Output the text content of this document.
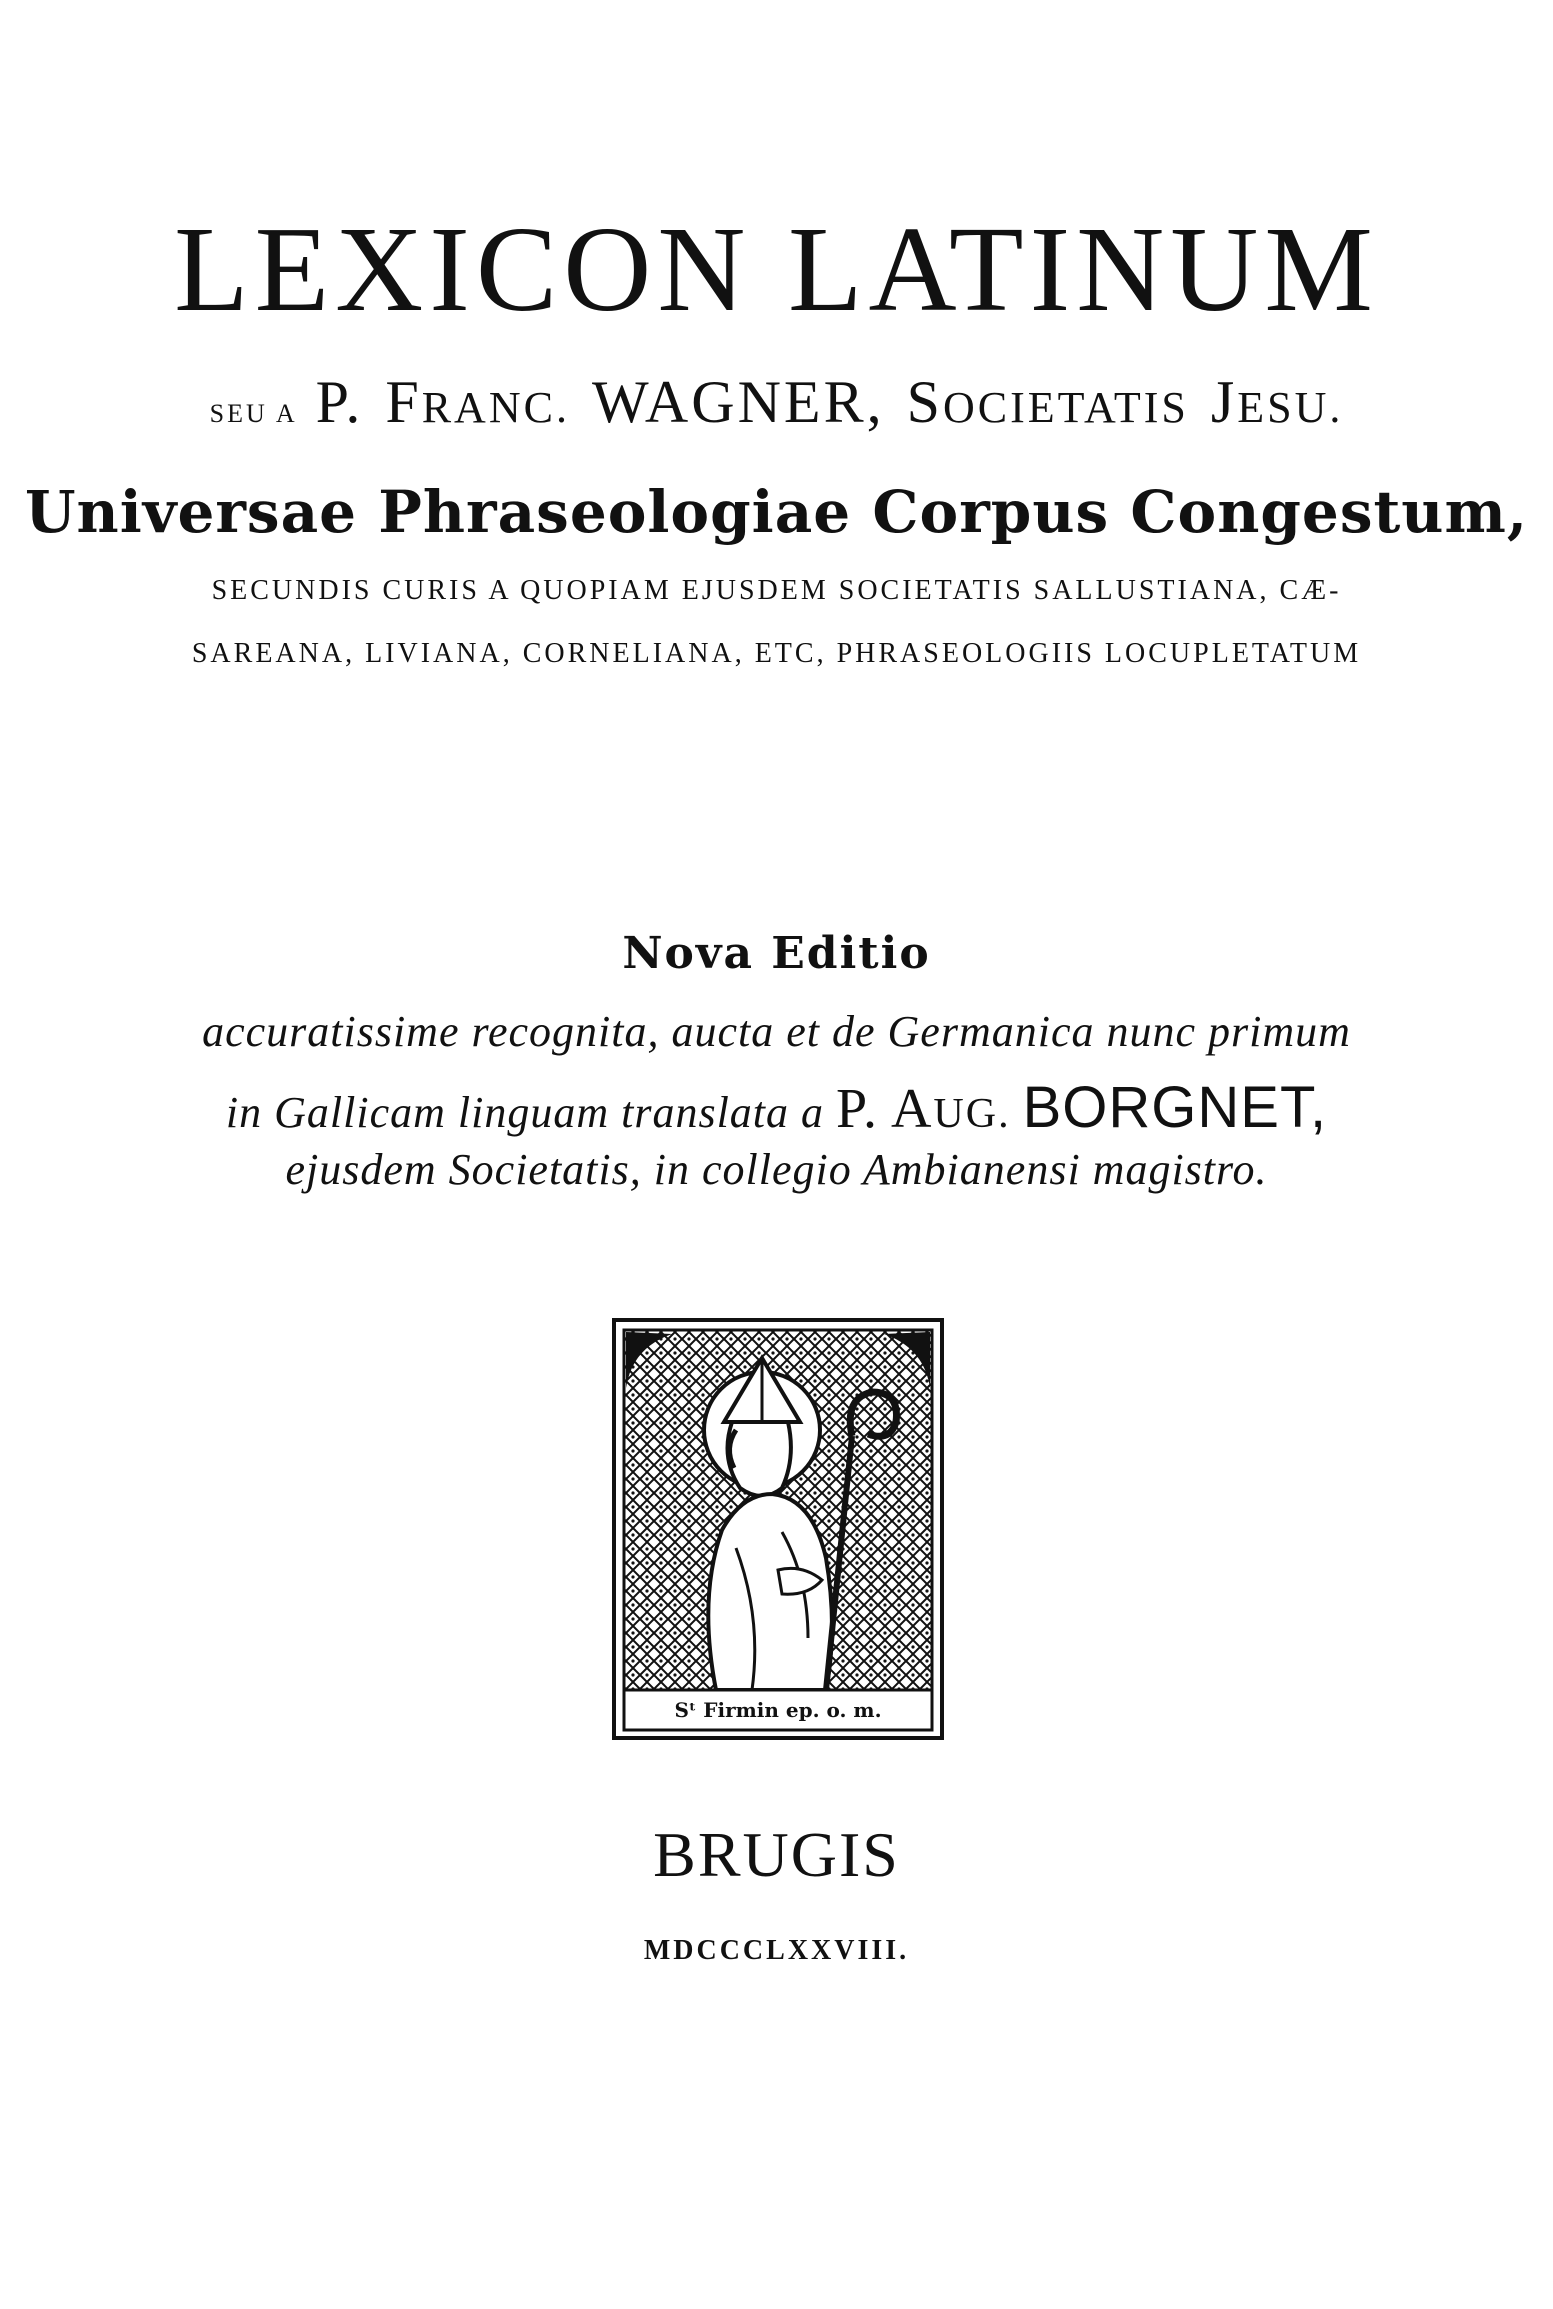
LEXICON LATINUM
SEU A P. FRANC. WAGNER, SOCIETATIS JESU.
Universae Phraseologiae Corpus Congestum,
SECUNDIS CURIS A QUOPIAM EJUSDEM SOCIETATIS SALLUSTIANA, CÆ-
SAREANA, LIVIANA, CORNELIANA, ETC, PHRASEOLOGIIS LOCUPLETATUM
Nova Editio
accuratissime recognita, aucta et de Germanica nunc primum
in Gallicam linguam translata a P. AUG. BORGNET,
ejusdem Societatis, in collegio Ambianensi magistro.
Sᵗ Firmin ep. o. m.
BRUGIS
MDCCCLXXVIII.
